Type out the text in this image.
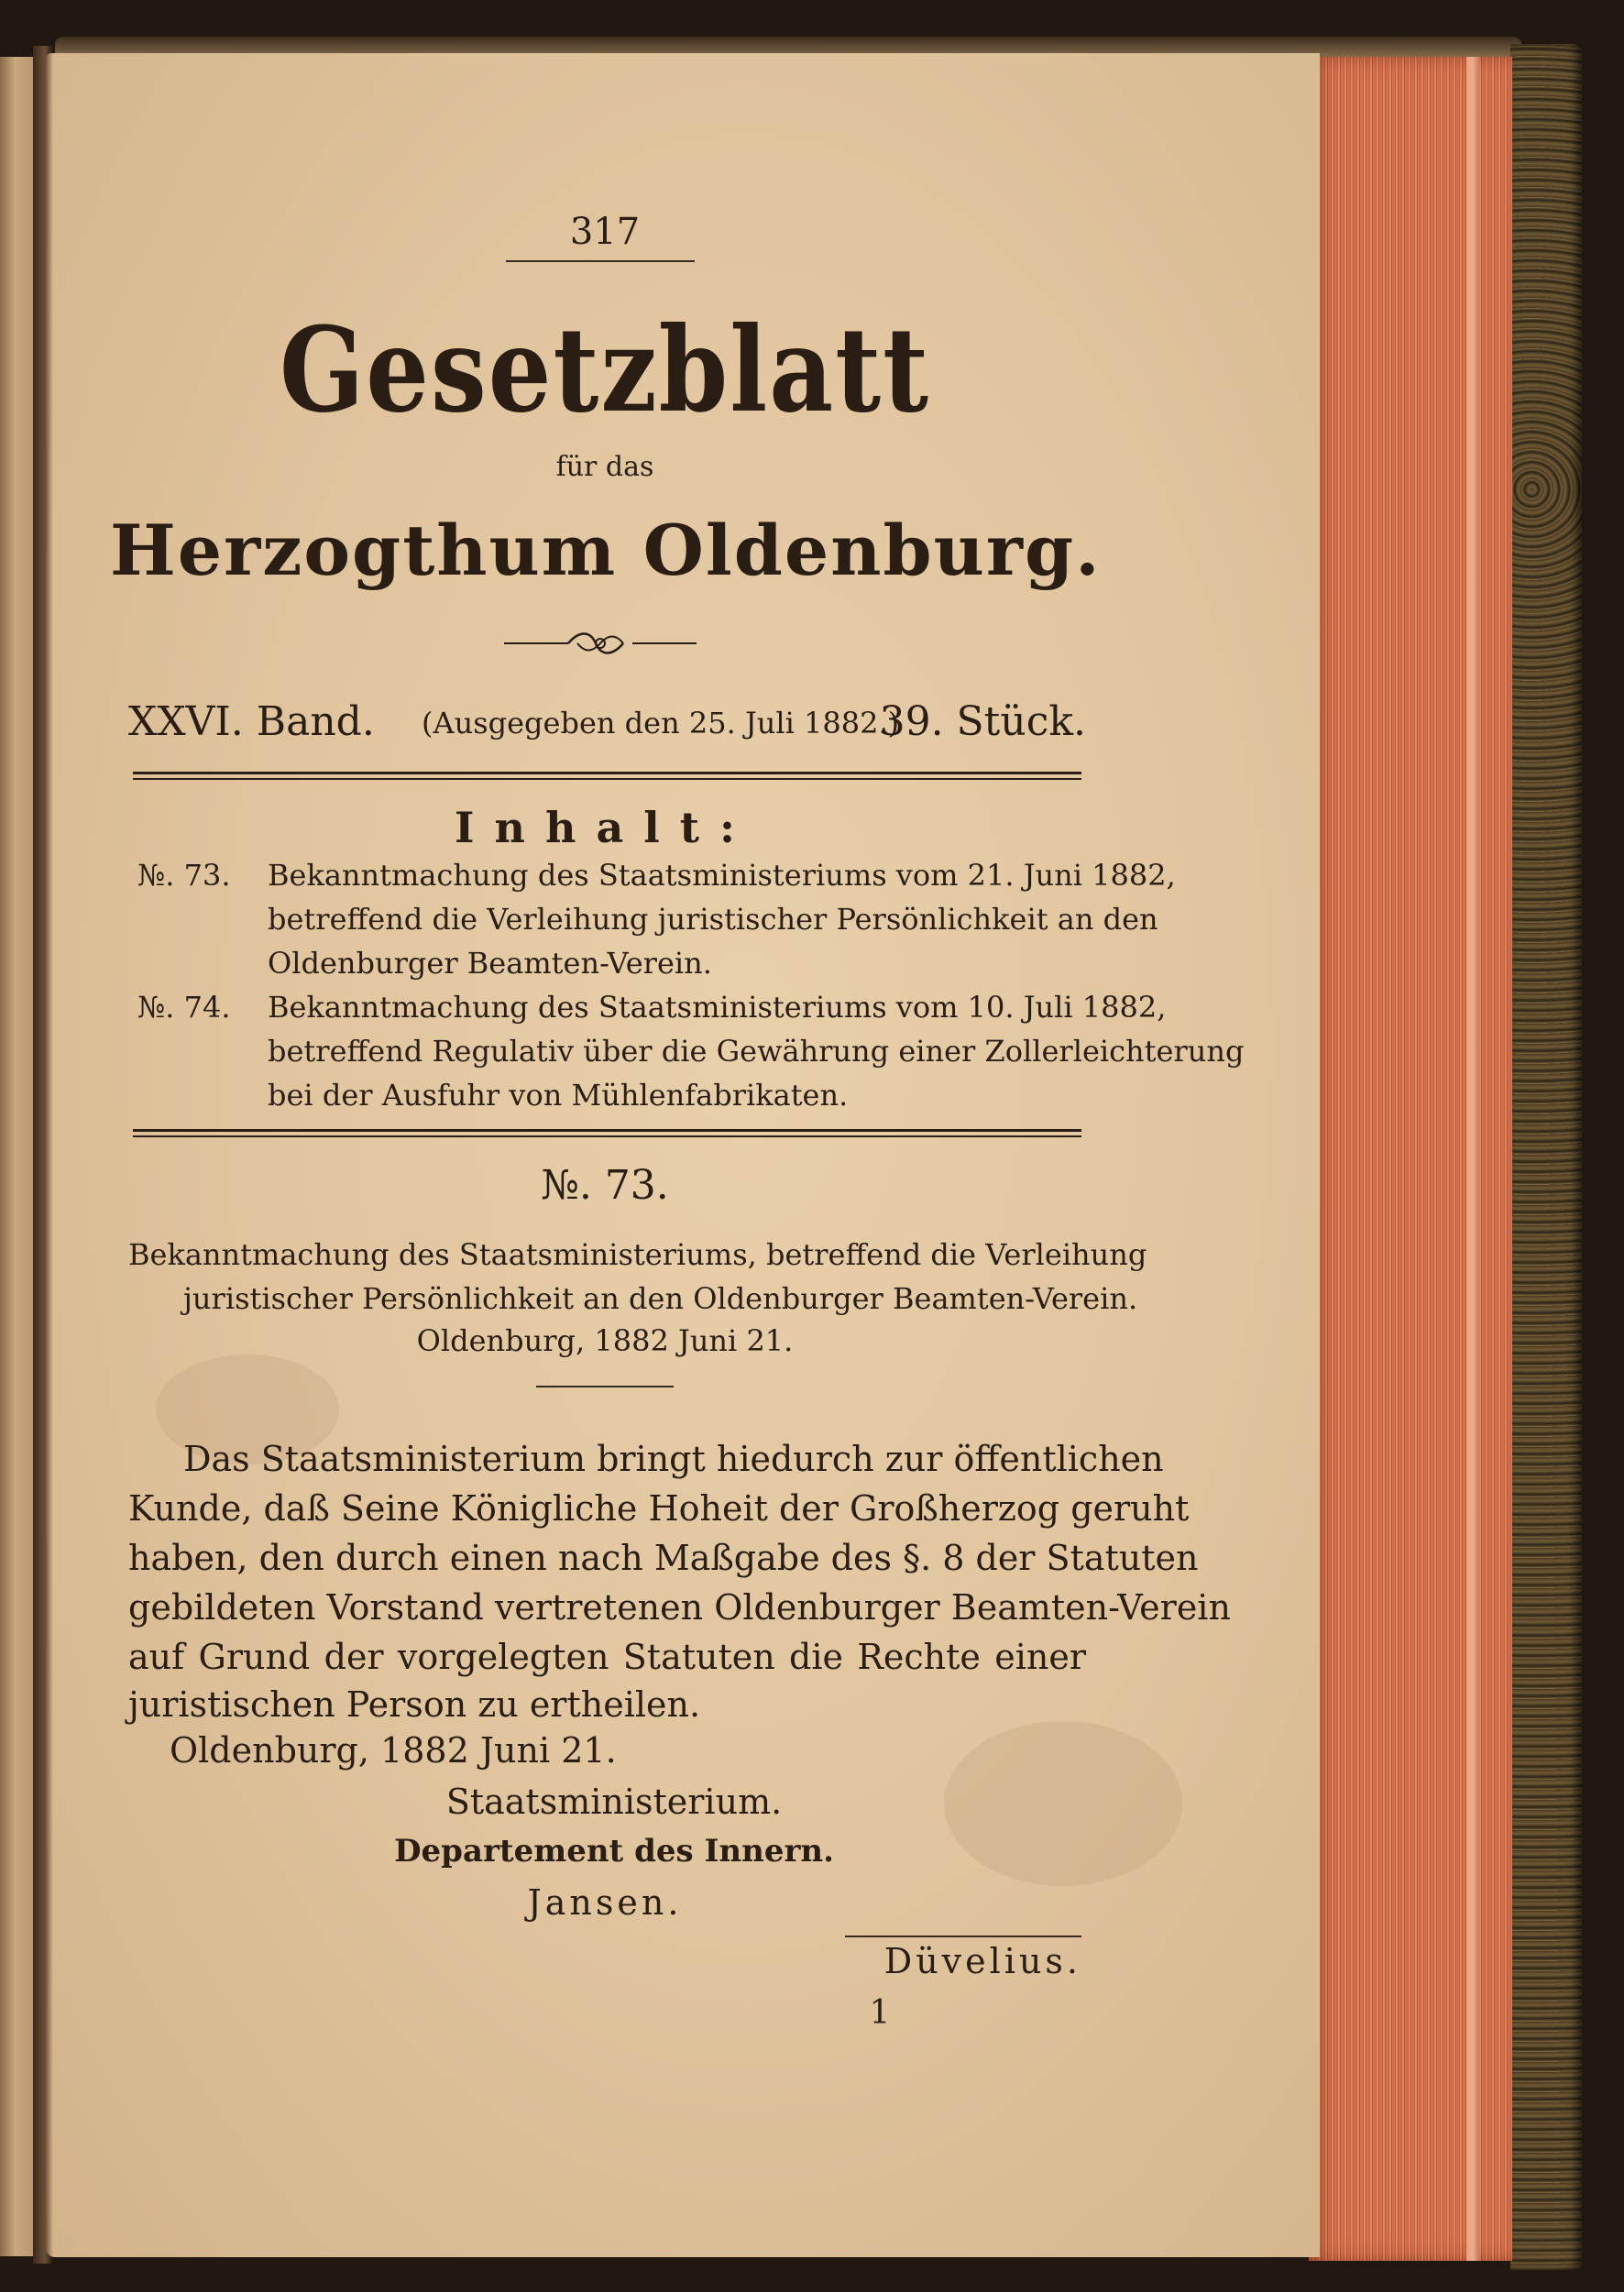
317
Gesetzblatt
für das
Herzogthum Oldenburg.
XXVI. Band. (Ausgegeben den 25. Juli 1882.)
39. Stück.
Inhalt:
№. 73. Bekanntmachung des Staatsministeriums vom 21. Juni 1882,
betreffend die Verleihung juristischer Persönlichkeit an den
Oldenburger Beamten-Verein.
№. 74. Bekanntmachung des Staatsministeriums vom 10. Juli 1882,
betreffend Regulativ über die Gewährung einer Zollerleichterung
bei der Ausfuhr von Mühlenfabrikaten.
№. 73.
Bekanntmachung des Staatsministeriums, betreffend die Verleihung
juristischer Persönlichkeit an den Oldenburger Beamten-Verein.
Oldenburg, 1882 Juni 21.
Das Staatsministerium bringt hiedurch zur öffentlichen
Kunde, daß Seine Königliche Hoheit der Großherzog geruht
haben, den durch einen nach Maßgabe des §. 8 der Statuten
gebildeten Vorstand vertretenen Oldenburger Beamten-Verein
auf Grund der vorgelegten Statuten die Rechte einer
juristischen Person zu ertheilen.
Oldenburg, 1882 Juni 21.
Staatsministerium.
Departement des Innern.
Jansen.
Düvelius.
1
